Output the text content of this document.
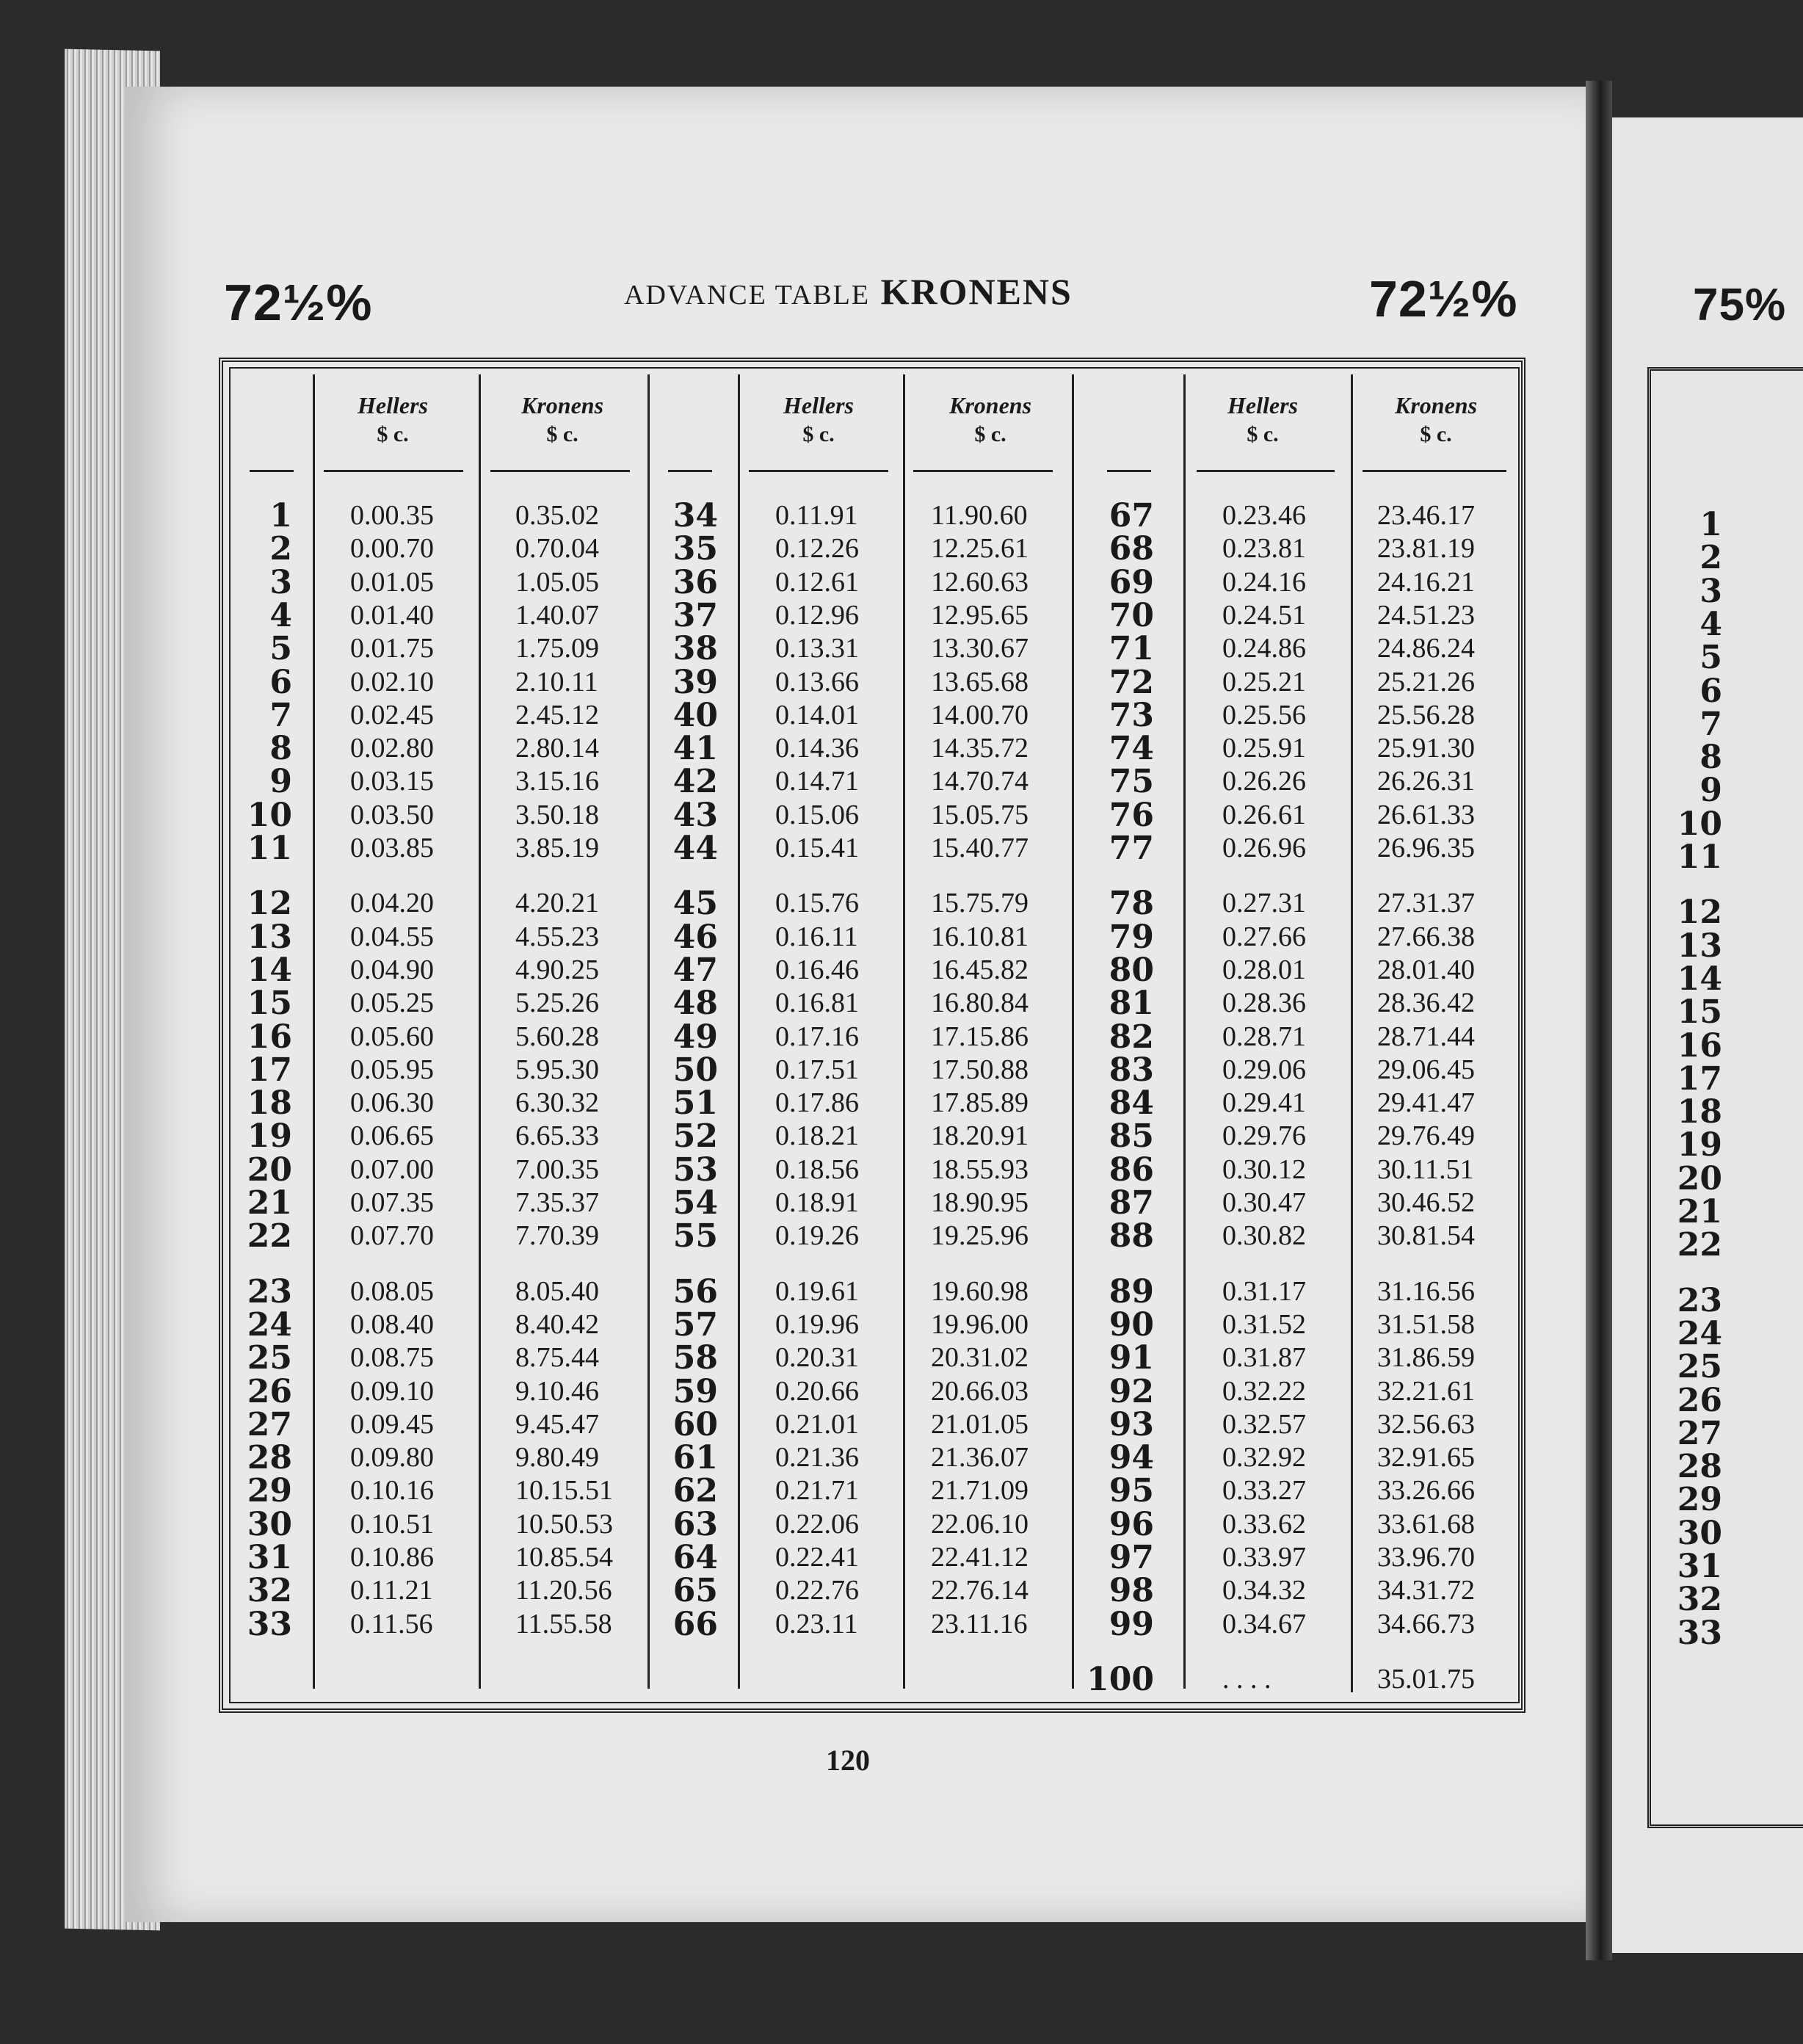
75%
1
2
3
4
5
6
7
8
9
10
11
12
13
14
15
16
17
18
19
20
21
22
23
24
25
26
27
28
29
30
31
32
33
72½%	72½%
ADVANCE TABLE KRONENS
Hellers
$ c.
Kronens
$ c.
1 0.00.35	0.35.02
2 0.00.70	0.70.04
3 0.01.05	1.05.05
4 0.01.40	1.40.07
5 0.01.75	1.75.09
6 0.02.10	2.10.11
7 0.02.45	2.45.12
8 0.02.80	2.80.14
9 0.03.15	3.15.16
10 0.03.50	3.50.18
11 0.03.85	3.85.19
12 0.04.20	4.20.21
13 0.04.55	4.55.23
14 0.04.90	4.90.25
15 0.05.25	5.25.26
16 0.05.60	5.60.28
17 0.05.95	5.95.30
18 0.06.30	6.30.32
19 0.06.65	6.65.33
20 0.07.00	7.00.35
21 0.07.35	7.35.37
22 0.07.70	7.70.39
23 0.08.05	8.05.40
24 0.08.40	8.40.42
25 0.08.75	8.75.44
26 0.09.10	9.10.46
27 0.09.45	9.45.47
28 0.09.80	9.80.49
29 0.10.16	10.15.51
30 0.10.51	10.50.53
31 0.10.86	10.85.54
32 0.11.21	11.20.56
33 0.11.56	11.55.58
Hellers
$ c.
Kronens
$ c.
34 0.11.91	11.90.60
35 0.12.26	12.25.61
36 0.12.61	12.60.63
37 0.12.96	12.95.65
38 0.13.31	13.30.67
39 0.13.66	13.65.68
40 0.14.01	14.00.70
41 0.14.36	14.35.72
42 0.14.71	14.70.74
43 0.15.06	15.05.75
44 0.15.41	15.40.77
45 0.15.76	15.75.79
46 0.16.11	16.10.81
47 0.16.46	16.45.82
48 0.16.81	16.80.84
49 0.17.16	17.15.86
50 0.17.51	17.50.88
51 0.17.86	17.85.89
52 0.18.21	18.20.91
53 0.18.56	18.55.93
54 0.18.91	18.90.95
55 0.19.26	19.25.96
56 0.19.61	19.60.98
57 0.19.96	19.96.00
58 0.20.31	20.31.02
59 0.20.66	20.66.03
60 0.21.01	21.01.05
61 0.21.36	21.36.07
62 0.21.71	21.71.09
63 0.22.06	22.06.10
64 0.22.41	22.41.12
65 0.22.76	22.76.14
66 0.23.11	23.11.16
Hellers
$ c.
Kronens
$ c.
67 0.23.46	23.46.17
68 0.23.81	23.81.19
69 0.24.16	24.16.21
70 0.24.51	24.51.23
71 0.24.86	24.86.24
72 0.25.21	25.21.26
73 0.25.56	25.56.28
74 0.25.91	25.91.30
75 0.26.26	26.26.31
76 0.26.61	26.61.33
77 0.26.96	26.96.35
78 0.27.31	27.31.37
79 0.27.66	27.66.38
80 0.28.01	28.01.40
81 0.28.36	28.36.42
82 0.28.71	28.71.44
83 0.29.06	29.06.45
84 0.29.41	29.41.47
85 0.29.76	29.76.49
86 0.30.12	30.11.51
87 0.30.47	30.46.52
88 0.30.82	30.81.54
89 0.31.17	31.16.56
90 0.31.52	31.51.58
91 0.31.87	31.86.59
92 0.32.22	32.21.61
93 0.32.57	32.56.63
94 0.32.92	32.91.65
95 0.33.27	33.26.66
96 0.33.62	33.61.68
97 0.33.97	33.96.70
98 0.34.32	34.31.72
99 0.34.67	34.66.73
100 . . . .	35.01.75
120
